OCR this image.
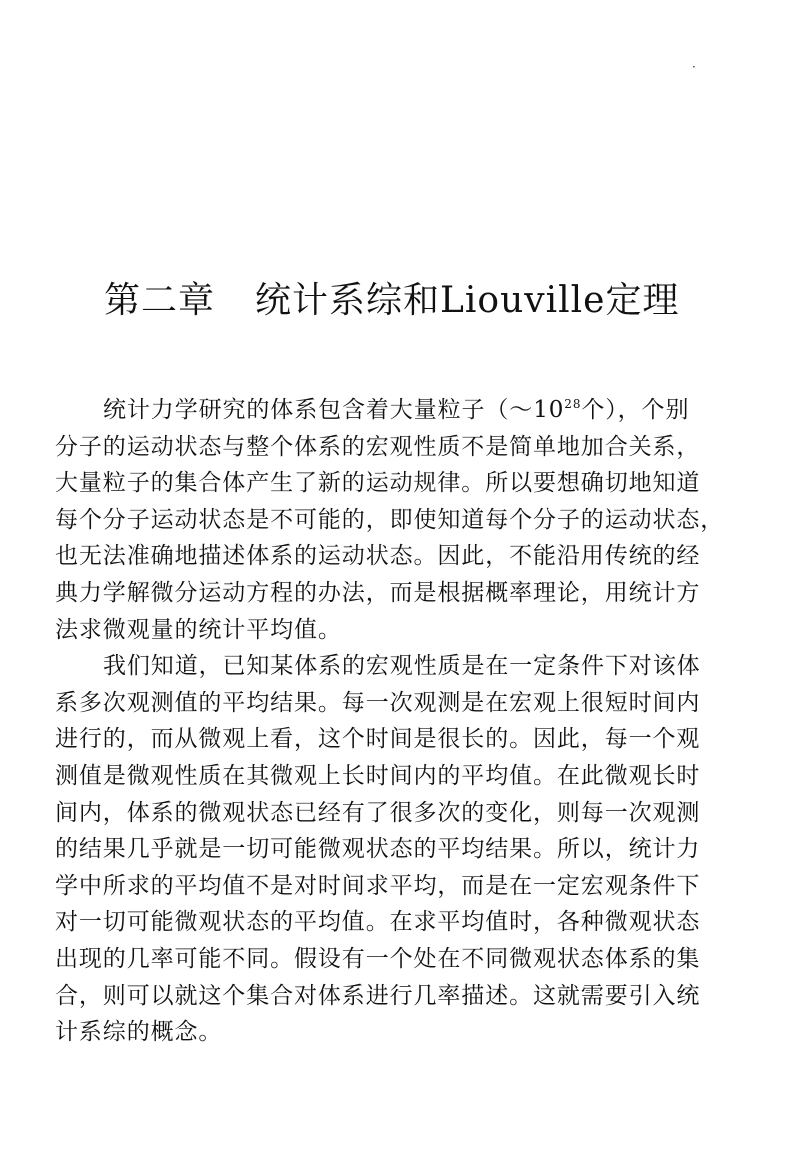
·
第二章 统计系综和Liouville定理
统计力学研究的体系包含着大量粒子（$\sim 10^{28}$个），个别
分子的运动状态与整个体系的宏观性质不是简单地加合关系，
大量粒子的集合体产生了新的运动规律。所以要想确切地知道
每个分子运动状态是不可能的，即使知道每个分子的运动状态，
也无法准确地描述体系的运动状态。因此，不能沿用传统的经
典力学解微分运动方程的办法，而是根据概率理论，用统计方
法求微观量的统计平均值。
我们知道，已知某体系的宏观性质是在一定条件下对该体
系多次观测值的平均结果。每一次观测是在宏观上很短时间内
进行的，而从微观上看，这个时间是很长的。因此，每一个观
测值是微观性质在其微观上长时间内的平均值。在此微观长时
间内，体系的微观状态已经有了很多次的变化，则每一次观测
的结果几乎就是一切可能微观状态的平均结果。所以，统计力
学中所求的平均值不是对时间求平均，而是在一定宏观条件下
对一切可能微观状态的平均值。在求平均值时，各种微观状态
出现的几率可能不同。假设有一个处在不同微观状态体系的集
合，则可以就这个集合对体系进行几率描述。这就需要引入统
计系综的概念。
